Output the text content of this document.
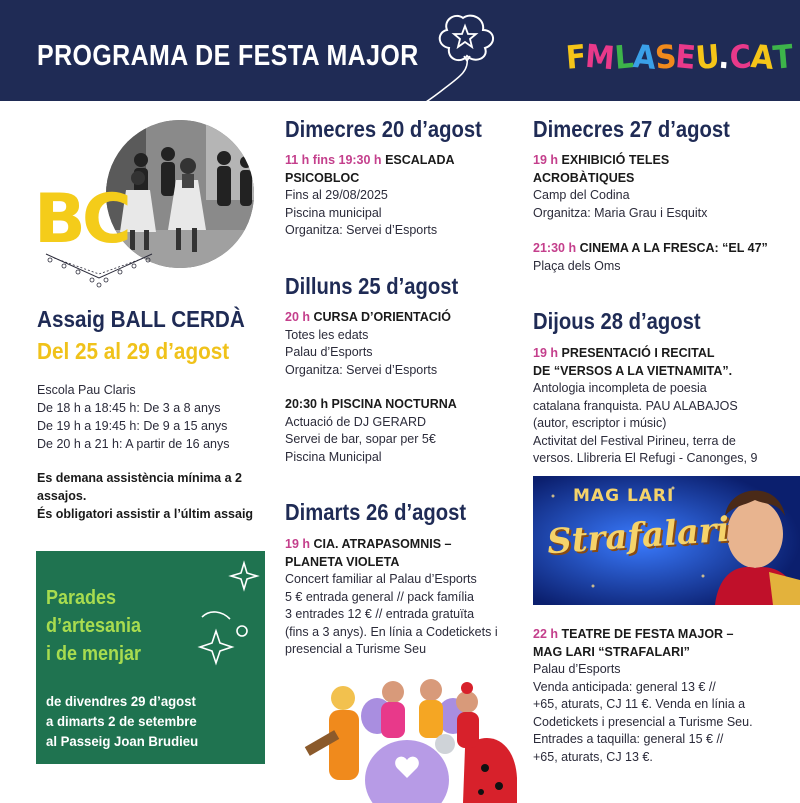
PROGRAMA DE FESTA MAJOR	FMLASEU.CAT
BC
Assaig BALL CERDÀ
Del 25 al 29 d’agost
Escola Pau Claris
De 18 h a 18:45 h: De 3 a 8 anys
De 19 h a 19:45 h: De 9 a 15 anys
De 20 h a 21 h: A partir de 16 anys
Es demana assistència mínima a 2
assajos.
És obligatori assistir a l’últim assaig
Parades
d’artesania
i de menjar
de divendres 29 d’agost
a dimarts 2 de setembre
al Passeig Joan Brudieu
Dimecres 20 d’agost
11 h fins 19:30 h ESCALADA
PSICOBLOC
Fins al 29/08/2025
Piscina municipal
Organitza: Servei d’Esports
Dilluns 25 d’agost
20 h CURSA D’ORIENTACIÓ
Totes les edats
Palau d’Esports
Organitza: Servei d’Esports
20:30 h PISCINA NOCTURNA
Actuació de DJ GERARD
Servei de bar, sopar per 5€
Piscina Municipal
Dimarts 26 d’agost
19 h CIA. ATRAPASOMNIS –
PLANETA VIOLETA
Concert familiar al Palau d’Esports
5 € entrada general // pack família
3 entrades 12 € // entrada gratuïta
(fins a 3 anys). En línia a Codetickets i
presencial a Turisme Seu
Dimecres 27 d’agost
19 h EXHIBICIÓ TELES
ACROBÀTIQUES
Camp del Codina
Organitza: Maria Grau i Esquitx
21:30 h CINEMA A LA FRESCA: “EL 47”
Plaça dels Oms
Dijous 28 d’agost
19 h PRESENTACIÓ I RECITAL
DE “VERSOS A LA VIETNAMITA”.
Antologia incompleta de poesia
catalana franquista. PAU ALABAJOS
(autor, escriptor i músic)
Activitat del Festival Pirineu, terra de
versos. Llibreria El Refugi - Canonges, 9
MAG LARI
Strafalari
22 h TEATRE DE FESTA MAJOR –
MAG LARI “STRAFALARI”
Palau d’Esports
Venda anticipada: general 13 € //
+65, aturats, CJ 11 €. Venda en línia a
Codetickets i presencial a Turisme Seu.
Entrades a taquilla: general 15 € //
+65, aturats, CJ 13 €.
